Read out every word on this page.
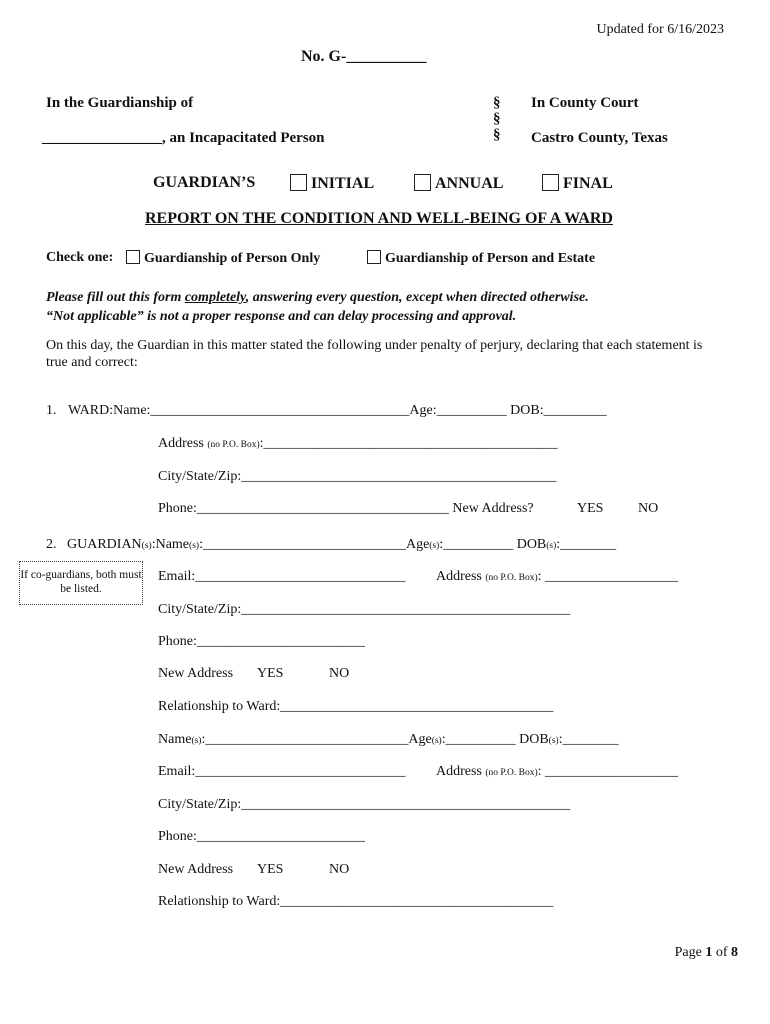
Updated for 6/16/2023
No. G-__________
In the Guardianship of
________________, an Incapacitated Person
§
§
§
In County Court
Castro County, Texas
GUARDIAN’S	INITIAL	ANNUAL	FINAL
REPORT ON THE CONDITION AND WELL-BEING OF A WARD
Check one:	Guardianship of Person Only	Guardianship of Person and Estate
Please fill out this form completely, answering every question, except when directed otherwise.
“Not applicable” is not a proper response and can delay processing and approval.
On this day, the Guardian in this matter stated the following under penalty of perjury, declaring that each statement is true and correct:
1. WARD:Name:_____________________________________Age:__________ DOB:_________
Address (no P.O. Box):__________________________________________
City/State/Zip:_____________________________________________
Phone:____________________________________ New Address?	YES NO
2. GUARDIAN(s):Name(s):_____________________________Age(s):__________ DOB(s):________
If co-guardians, both must be listed.
Email:______________________________ Address (no P.O. Box): ___________________
City/State/Zip:_______________________________________________
Phone:________________________
New Address YES	NO
Relationship to Ward:_______________________________________
Name(s):_____________________________Age(s):__________ DOB(s):________
Email:______________________________ Address (no P.O. Box): ___________________
City/State/Zip:_______________________________________________
Phone:________________________
New Address YES	NO
Relationship to Ward:_______________________________________
Page 1 of 8
